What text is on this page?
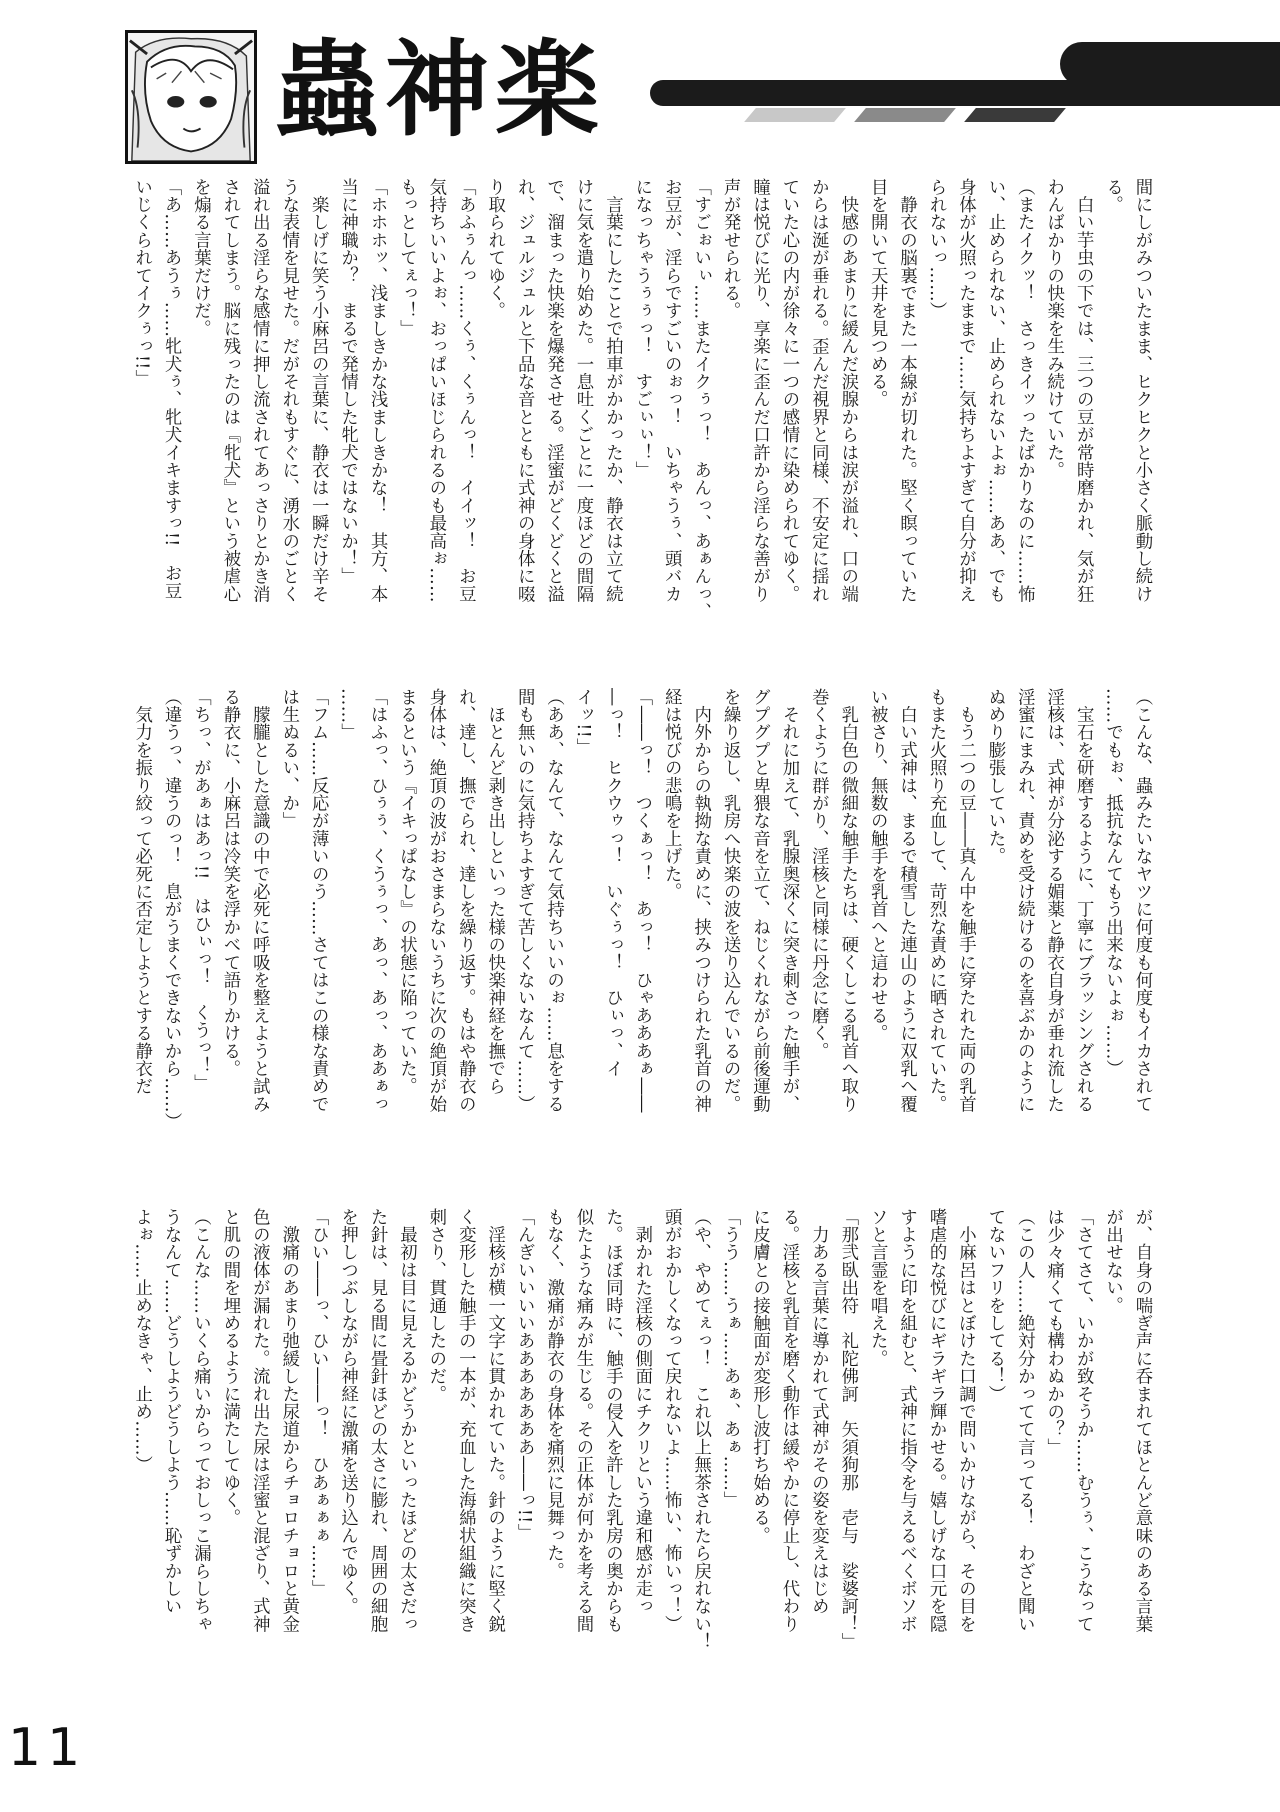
蟲神楽
間にしがみついたまま、ヒクヒクと小さく脈動し続け
る。
　白い芋虫の下では、三つの豆が常時磨かれ、気が狂
わんばかりの快楽を生み続けていた。
（またイクッ！　さっきイッったばかりなのに……怖
い、止められない、止められないよぉ……ああ、でも
身体が火照ったままで……気持ちよすぎて自分が抑え
られないっ……）
　静衣の脳裏でまた一本線が切れた。堅く瞑っていた
目を開いて天井を見つめる。
　快感のあまりに緩んだ涙腺からは涙が溢れ、口の端
からは涎が垂れる。歪んだ視界と同様、不安定に揺れ
ていた心の内が徐々に一つの感情に染められてゆく。
瞳は悦びに光り、享楽に歪んだ口許から淫らな善がり
声が発せられる。
「すごぉいぃ……またイクぅっ！　あんっ、あぁんっ、
お豆が、淫らですごいのぉっ！　いちゃうぅ、頭バカ
になっちゃうぅぅっ！　すごぃぃ！」
　言葉にしたことで拍車がかかったか、静衣は立て続
けに気を遣り始めた。一息吐くごとに一度ほどの間隔
で、溜まった快楽を爆発させる。淫蜜がどくどくと溢
れ、ジュルジュルと下品な音とともに式神の身体に啜
り取られてゆく。
「あふぅんっ……くぅ、くぅんっ！　イイッ！　お豆
気持ちいいよぉ、おっぱいほじられるのも最高ぉ……
もっとしてぇっ！」
「ホホホッ、浅ましきかな浅ましきかな！　其方、本
当に神職か？　まるで発情した牝犬ではないか！」
　楽しげに笑う小麻呂の言葉に、静衣は一瞬だけ辛そ
うな表情を見せた。だがそれもすぐに、湧水のごとく
溢れ出る淫らな感情に押し流されてあっさりとかき消
されてしまう。脳に残ったのは『牝犬』という被虐心
を煽る言葉だけだ。
「あ……あうぅ……牝犬ぅ、牝犬イキますっ!!　お豆
いじくられてイクぅっ!!」
（こんな、蟲みたいなヤツに何度も何度もイカされて
……でもぉ、抵抗なんてもう出来ないよぉ……）
　宝石を研磨するように、丁寧にブラッシングされる
淫核は、式神が分泌する媚薬と静衣自身が垂れ流した
淫蜜にまみれ、責めを受け続けるのを喜ぶかのように
ぬめり膨張していた。
　もう二つの豆――真ん中を触手に穿たれた両の乳首
もまた火照り充血して、苛烈な責めに晒されていた。
　白い式神は、まるで積雪した連山のように双乳へ覆
い被さり、無数の触手を乳首へと這わせる。
　乳白色の微細な触手たちは、硬くしこる乳首へ取り
巻くように群がり、淫核と同様に丹念に磨く。
　それに加えて、乳腺奥深くに突き刺さった触手が、
グプグプと卑猥な音を立て、ねじくれながら前後運動
を繰り返し、乳房へ快楽の波を送り込んでいるのだ。
　内外からの執拗な責めに、挟みつけられた乳首の神
経は悦びの悲鳴を上げた。
「――っ！　つくぁっ！　あっ！　ひゃあああぁ――
―っ！　ヒクウゥっ！　いぐぅっ！　ひぃっ、イ
イッ!!」
（ああ、なんて、なんて気持ちいいのぉ……息をする
間も無いのに気持ちよすぎて苦しくないなんて……）
　ほとんど剥き出しといった様の快楽神経を撫でら
れ、達し、撫でられ、達しを繰り返す。もはや静衣の
身体は、絶頂の波がおさまらないうちに次の絶頂が始
まるという『イキっぱなし』の状態に陥っていた。
「はふっ、ひぅぅ、くうぅっ、あっ、あっ、ああぁっ
……」
「フム……反応が薄いのう……さてはこの様な責めで
は生ぬるい、か」
　朦朧とした意識の中で必死に呼吸を整えようと試み
る静衣に、小麻呂は冷笑を浮かべて語りかける。
「ちっ、があぁはあっ!!　はひぃっ！　くうっ！」
（違うっ、違うのっ！　息がうまくできないから……）
　気力を振り絞って必死に否定しようとする静衣だ
が、自身の喘ぎ声に呑まれてほとんど意味のある言葉
が出せない。
「さてさて、いかが致そうか……むうぅ、こうなって
は少々痛くても構わぬかの？」
（この人……絶対分かってて言ってる！　わざと聞い
てないフリをしてる！）
　小麻呂はとぼけた口調で問いかけながら、その目を
嗜虐的な悦びにギラギラ輝かせる。嬉しげな口元を隠
すように印を組むと、式神に指令を与えるべくボソボ
ソと言霊を唱えた。
「那弐臥出符　礼陀佛訶　矢須狗那　壱与　娑婆訶！」
　力ある言葉に導かれて式神がその姿を変えはじめ
る。淫核と乳首を磨く動作は緩やかに停止し、代わり
に皮膚との接触面が変形し波打ち始める。
「うう……うぁ……あぁ、あぁ……」
（や、やめてぇっ！　これ以上無茶されたら戻れない！
頭がおかしくなって戻れないよ……怖い、怖いっ！）
　剥かれた淫核の側面にチクリという違和感が走っ
た。ほぼ同時に、触手の侵入を許した乳房の奥からも
似たような痛みが生じる。その正体が何かを考える間
もなく、激痛が静衣の身体を痛烈に見舞った。
「んぎいいいいあああああああ――っ!!」
　淫核が横一文字に貫かれていた。針のように堅く鋭
く変形した触手の一本が、充血した海綿状組織に突き
刺さり、貫通したのだ。
　最初は目に見えるかどうかといったほどの太さだっ
た針は、見る間に畳針ほどの太さに膨れ、周囲の細胞
を押しつぶしながら神経に激痛を送り込んでゆく。
「ひい――っ、ひい――っ！　ひあぁぁぁ……」
　激痛のあまり弛緩した尿道からチョロチョロと黄金
色の液体が漏れた。流れ出た尿は淫蜜と混ざり、式神
と肌の間を埋めるように満たしてゆく。
（こんな……いくら痛いからっておしっこ漏らしちゃ
うなんて……どうしようどうしよう……恥ずかしい
よぉ……止めなきゃ、止め……）
11
